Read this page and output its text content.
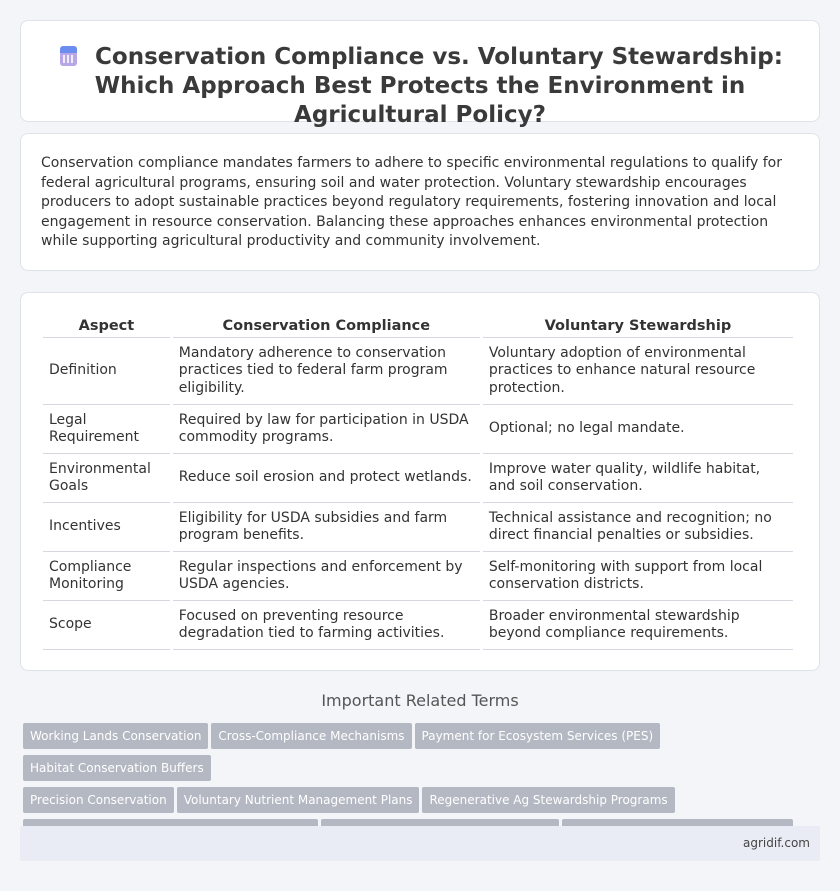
Conservation Compliance vs. Voluntary Stewardship: Which Approach Best Protects the Environment in Agricultural Policy?

Conservation compliance mandates farmers to adhere to specific environmental regulations to qualify for federal agricultural programs, ensuring soil and water protection. Voluntary stewardship encourages producers to adopt sustainable practices beyond regulatory requirements, fostering innovation and local engagement in resource conservation. Balancing these approaches enhances environmental protection while supporting agricultural productivity and community involvement.

Aspect	Conservation Compliance	Voluntary Stewardship
Definition	Mandatory adherence to conservation practices tied to federal farm program eligibility.	Voluntary adoption of environmental practices to enhance natural resource protection.
Legal Requirement	Required by law for participation in USDA commodity programs.	Optional; no legal mandate.
Environmental Goals	Reduce soil erosion and protect wetlands.	Improve water quality, wildlife habitat, and soil conservation.
Incentives	Eligibility for USDA subsidies and farm program benefits.	Technical assistance and recognition; no direct financial penalties or subsidies.
Compliance Monitoring	Regular inspections and enforcement by USDA agencies.	Self-monitoring with support from local conservation districts.
Scope	Focused on preventing resource degradation tied to farming activities.	Broader environmental stewardship beyond compliance requirements.
Important Related Terms
Working Lands Conservation Cross-Compliance Mechanisms Payment for Ecosystem Services (PES)Habitat Conservation Buffers
Precision Conservation Voluntary Nutrient Management Plans Regenerative Ag Stewardship Programs

agridif.com
